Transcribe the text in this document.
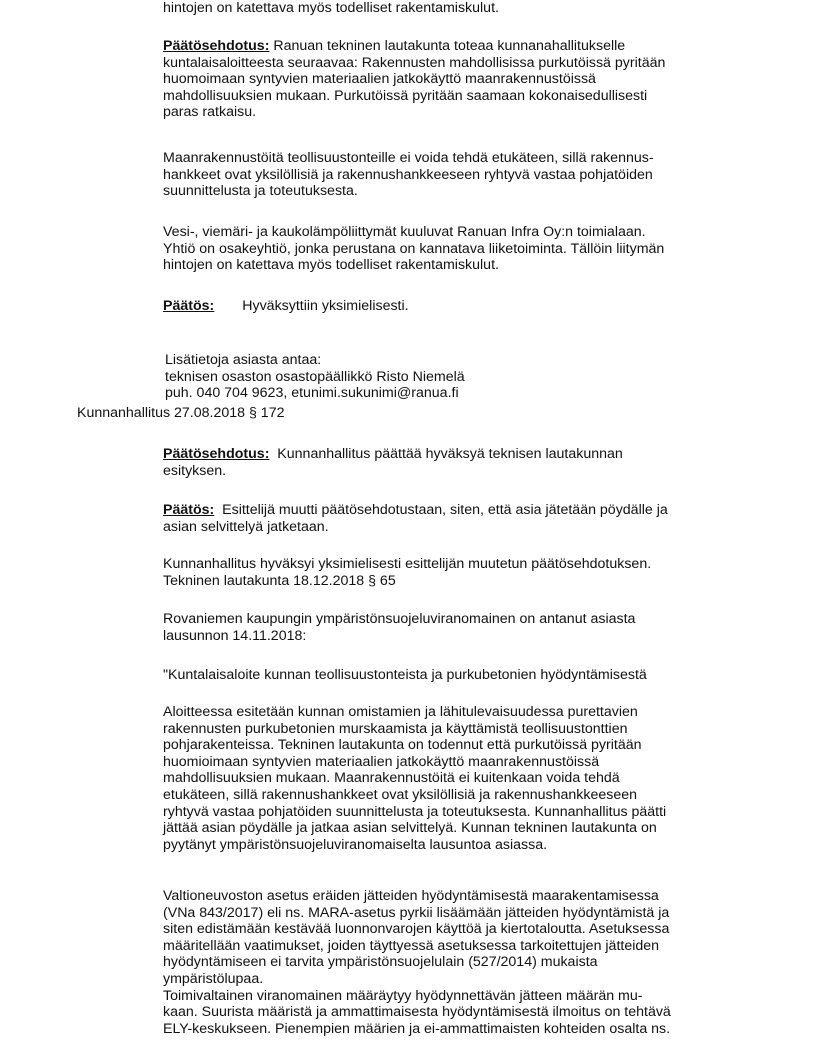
hintojen on katettava myös todelliset rakentamiskulut.

Päätösehdotus: Ranuan tekninen lautakunta toteaa kunnanahallitukselle

kuntalaisaloitteesta seuraavaa: Rakennusten mahdollisissa purkutöissä pyritään

huomoimaan syntyvien materiaalien jatkokäyttö maanrakennustöissä

mahdollisuuksien mukaan. Purkutöissä pyritään saamaan kokonaisedullisesti

paras ratkaisu.

Maanrakennustöitä teollisuustonteille ei voida tehdä etukäteen, sillä rakennus-

hankkeet ovat yksilöllisiä ja rakennushankkeeseen ryhtyvä vastaa pohjatöiden

suunnittelusta ja toteutuksesta.

Vesi-, viemäri- ja kaukolämpöliittymät kuuluvat Ranuan Infra Oy:n toimialaan.

Yhtiö on osakeyhtiö, jonka perustana on kannatava liiketoiminta. Tällöin liitymän

hintojen on katettava myös todelliset rakentamiskulut.

Päätös: Hyväksyttiin yksimielisesti.

Lisätietoja asiasta antaa:

teknisen osaston osastopäällikkö Risto Niemelä

puh. 040 704 9623, etunimi.sukunimi@ranua.fi

Kunnanhallitus 27.08.2018 § 172

Päätösehdotus:  Kunnanhallitus päättää hyväksyä teknisen lautakunnan

esityksen.

Päätös:  Esittelijä muutti päätösehdotustaan, siten, että asia jätetään pöydälle ja

asian selvittelyä jatketaan.

Kunnanhallitus hyväksyi yksimielisesti esittelijän muutetun päätösehdotuksen.

Tekninen lautakunta 18.12.2018 § 65

Rovaniemen kaupungin ympäristönsuojeluviranomainen on antanut asiasta

lausunnon 14.11.2018:

"Kuntalaisaloite kunnan teollisuustonteista ja purkubetonien hyödyntämisestä

Aloitteessa esitetään kunnan omistamien ja lähitulevaisuudessa purettavien

rakennusten purkubetonien murskaamista ja käyttämistä teollisuustonttien

pohjarakenteissa. Tekninen lautakunta on todennut että purkutöissä pyritään

huomioimaan syntyvien materiaalien jatkokäyttö maanrakennustöissä

mahdollisuuksien mukaan. Maanrakennustöitä ei kuitenkaan voida tehdä

etukäteen, sillä rakennushankkeet ovat yksilöllisiä ja rakennushankkeeseen

ryhtyvä vastaa pohjatöiden suunnittelusta ja toteutuksesta. Kunnanhallitus päätti

jättää asian pöydälle ja jatkaa asian selvittelyä. Kunnan tekninen lautakunta on

pyytänyt ympäristönsuojeluviranomaiselta lausuntoa asiassa.

Valtioneuvoston asetus eräiden jätteiden hyödyntämisestä maarakentamisessa

(VNa 843/2017) eli ns. MARA-asetus pyrkii lisäämään jätteiden hyödyntämistä ja

siten edistämään kestävää luonnonvarojen käyttöä ja kiertotaloutta. Asetuksessa

määritellään vaatimukset, joiden täyttyessä asetuksessa tarkoitettujen jätteiden

hyödyntämiseen ei tarvita ympäristönsuojelulain (527/2014) mukaista

ympäristölupaa.

Toimivaltainen viranomainen määräytyy hyödynnettävän jätteen määrän mu-

kaan. Suurista määristä ja ammattimaisesta hyödyntämisestä ilmoitus on tehtävä

ELY-keskukseen. Pienempien määrien ja ei-ammattimaisten kohteiden osalta ns.
